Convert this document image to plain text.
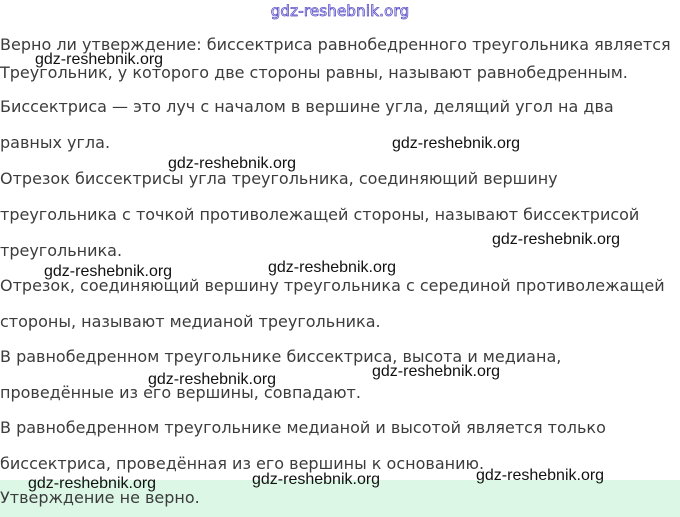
gdz-reshebnik.org
Верно ли утверждение: биссектриса равнобедренного треугольника является
Треугольник, у которого две стороны равны, называют равнобедренным.
Биссектриса — это луч с началом в вершине угла, делящий угол на два
равных угла.
Отрезок биссектрисы угла треугольника, соединяющий вершину
треугольника с точкой противолежащей стороны, называют биссектрисой
треугольника.
Отрезок, соединяющий вершину треугольника с серединой противолежащей
стороны, называют медианой треугольника.
В равнобедренном треугольнике биссектриса, высота и медиана,
проведённые из его вершины, совпадают.
В равнобедренном треугольнике медианой и высотой является только
биссектриса, проведённая из его вершины к основанию.
Утверждение не верно.
gdz-reshebnik.org
gdz-reshebnik.org
gdz-reshebnik.org
gdz-reshebnik.org
gdz-reshebnik.org	gdz-reshebnik.org
gdz-reshebnik.org
gdz-reshebnik.org
gdz-reshebnik.org
gdz-reshebnik.org	gdz-reshebnik.org
